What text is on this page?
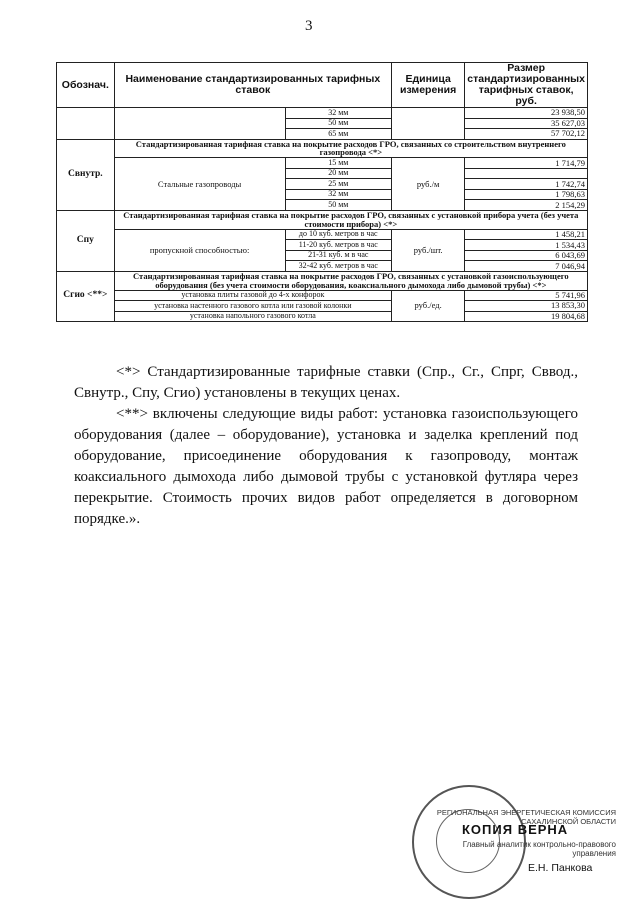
3
Обознач.	Наименование стандартизированных тарифных ставок		Единица измерения	Размер стандартизированных тарифных ставок, руб.
		32 мм		23 938,50
		50 мм		35 627,03
		65 мм		57 702,12
Cвнутр.	Стандартизированная тарифная ставка на покрытие расходов ГРО, связанных со строительством внутреннего газопровода <*>			
	Стальные газопроводы	15 мм	руб./м	1 714,79
		20 мм		
		25 мм		1 742,74
		32 мм		1 798,63
		50 мм		2 154,29
Cпу	Стандартизированная тарифная ставка на покрытие расходов ГРО, связанных с установкой прибора учета (без учета стоимости прибора) <*>			
	пропускной способностью:	до 10 куб. метров в час	руб./шт.	1 458,21
		11-20 куб. метров в час		1 534,43
		21-31 куб. м в час		6 043,69
		32-42 куб. метров в час		7 046,94
Cгио <**>	Стандартизированная тарифная ставка на покрытие расходов ГРО, связанных с установкой газоиспользующего оборудования (без учета стоимости оборудования, коаксиального дымохода либо дымовой трубы) <*>			
	установка плиты газовой до 4-х конфорок		руб./ед.	5 741,96
	установка настенного газового котла или газовой колонки			13 853,30
	установка напольного газового котла			19 804,68

<*> Стандартизированные тарифные ставки (Cпр., Cг., Cпрг, Cввод., Cвнутр., Cпу, Cгио) установлены в текущих ценах.

<**> включены следующие виды работ: установка газоиспользующего оборудования (далее – оборудование), установка и заделка креплений под оборудование, присоединение оборудования к газопроводу, монтаж коаксиального дымохода либо дымовой трубы с установкой футляра через перекрытие. Стоимость прочих видов работ определяется в договорном порядке.».

РЕГИОНАЛЬНАЯ ЭНЕРГЕТИЧЕСКАЯ КОМИССИЯ САХАЛИНСКОЙ ОБЛАСТИ
КОПИЯ ВЕРНА
Главный аналитик контрольно-правового управления
Е.Н. Панкова
